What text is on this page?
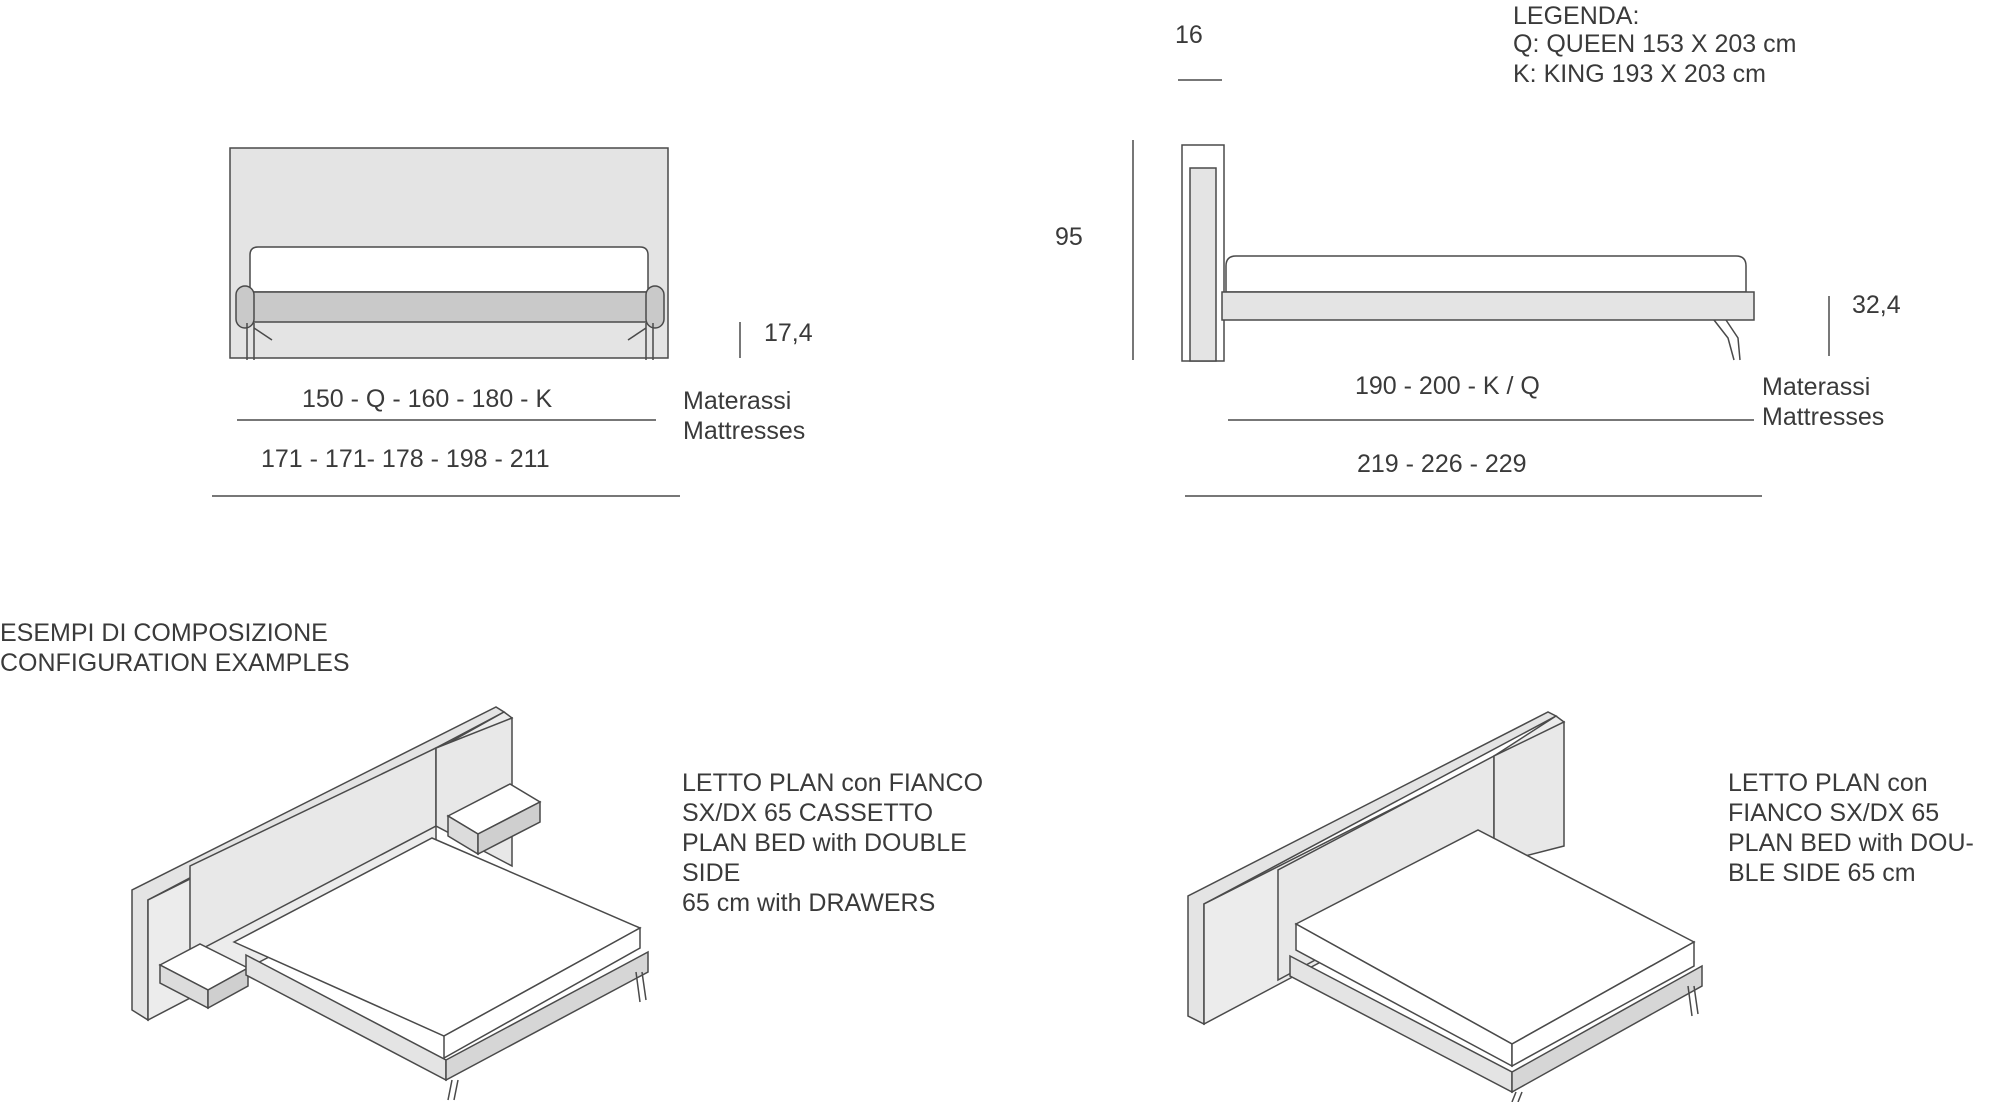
17,4
150 - Q - 160 - 180 - K	Materassi
Mattresses
171 - 171- 178 - 198 - 211
16
95
32,4
190 - 200 - K / Q	Materassi
Mattresses
219 - 226 - 229
LEGENDA:
Q: QUEEN 153 X 203 cm
K: KING 193 X 203 cm
ESEMPI DI COMPOSIZIONE
CONFIGURATION EXAMPLES
LETTO PLAN con FIANCO
SX/DX 65 CASSETTO
PLAN BED with DOUBLE
SIDE
65 cm with DRAWERS
LETTO PLAN con
FIANCO SX/DX 65
PLAN BED with DOU-
BLE SIDE 65 cm
